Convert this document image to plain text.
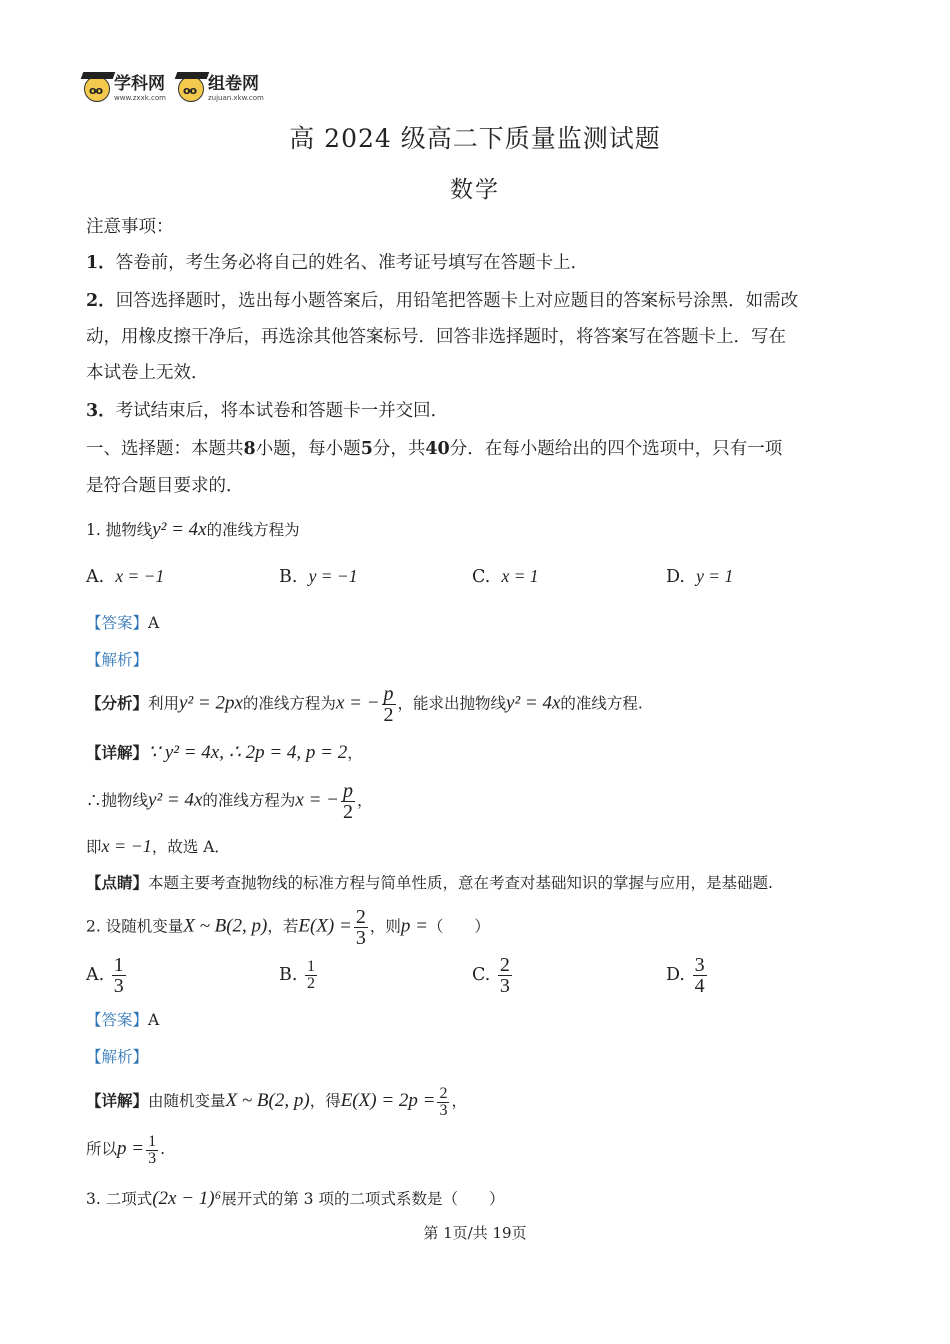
oo
学科网
www.zxxk.com
oo
组卷网
zujuan.xkw.com
高 2024 级高二下质量监测试题
数学
注意事项：
1．答卷前，考生务必将自己的姓名、准考证号填写在答题卡上．
2．回答选择题时，选出每小题答案后，用铅笔把答题卡上对应题目的答案标号涂黑．如需改
动，用橡皮擦干净后，再选涂其他答案标号．回答非选择题时，将答案写在答题卡上．写在
本试卷上无效．
3．考试结束后，将本试卷和答题卡一并交回．
一、选择题：本题共8小题，每小题5分，共40分．在每小题给出的四个选项中，只有一项
是符合题目要求的．
1. 抛物线y² = 4x的准线方程为
A. x = −1	B. y = −1	C. x = 1	D. y = 1
【答案】A
【解析】
【分析】利用y² = 2px的准线方程为x = − $\frac{p}{2}$ ，能求出抛物线y² = 4x的准线方程.
【详解】∵ y² = 4x, ∴ 2p = 4, p = 2，
∴抛物线y² = 4x的准线方程为x = − $\frac{p}{2}$ ，
即x = −1，故选 A．
【点睛】本题主要考查抛物线的标准方程与简单性质，意在考查对基础知识的掌握与应用，是基础题.
2. 设随机变量X ~ B(2, p)，若$E(X) = \frac{2}{3}$ ，则p =（　　）
A. $\frac{1}{3}$	B. $\frac{1}{2}$	C. $\frac{2}{3}$	D. $\frac{3}{4}$
【答案】A
【解析】
【详解】由随机变量X ~ B(2, p)，得$E(X) = 2p = \frac{2}{3}$ ，
所以$p = \frac{1}{3}$ .
3. 二项式(2x − 1)⁶展开式的第 3 项的二项式系数是（　　）
第 1页/共 19页
